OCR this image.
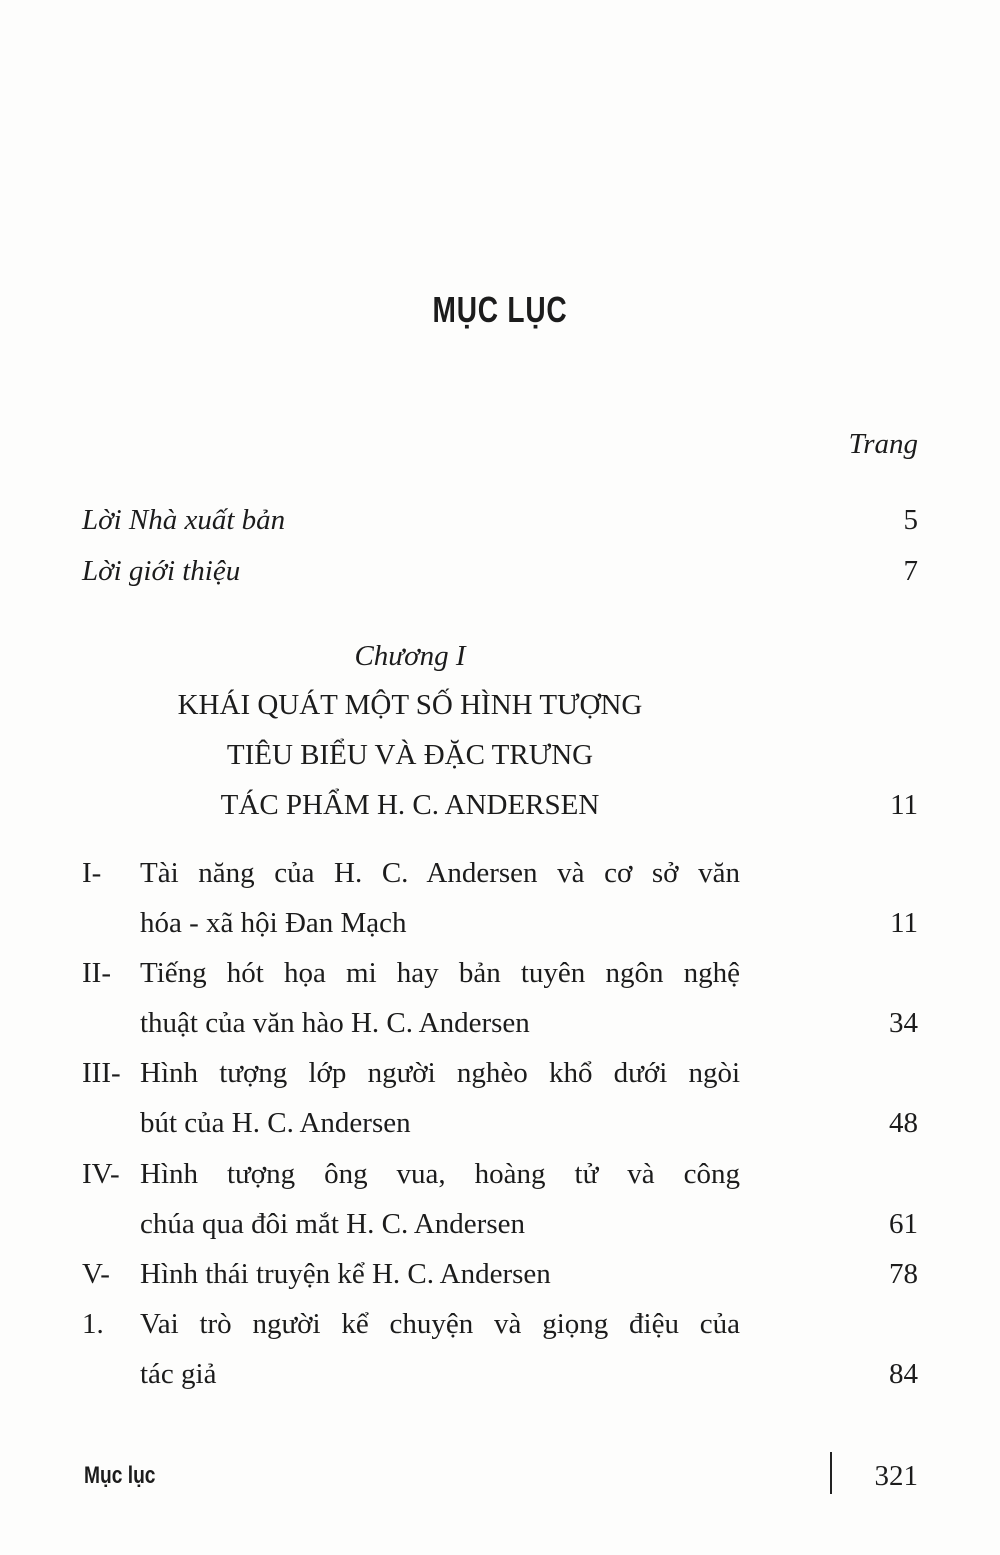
MỤC LỤC
Trang
Lời Nhà xuất bản	5
Lời giới thiệu	7
Chương I
KHÁI QUÁT MỘT SỐ HÌNH TƯỢNG
TIÊU BIỂU VÀ ĐẶC TRƯNG
TÁC PHẨM H. C. ANDERSEN	11
I- Tài năng của H. C. Andersen và cơ sở văn
hóa - xã hội Đan Mạch	11
II- Tiếng hót họa mi hay bản tuyên ngôn nghệ
thuật của văn hào H. C. Andersen	34
III- Hình tượng lớp người nghèo khổ dưới ngòi
bút của H. C. Andersen	48
IV- Hình tượng ông vua, hoàng tử và công
chúa qua đôi mắt H. C. Andersen	61
V- Hình thái truyện kể H. C. Andersen	78
1. Vai trò người kể chuyện và giọng điệu của
tác giả	84
Mục lục	321
